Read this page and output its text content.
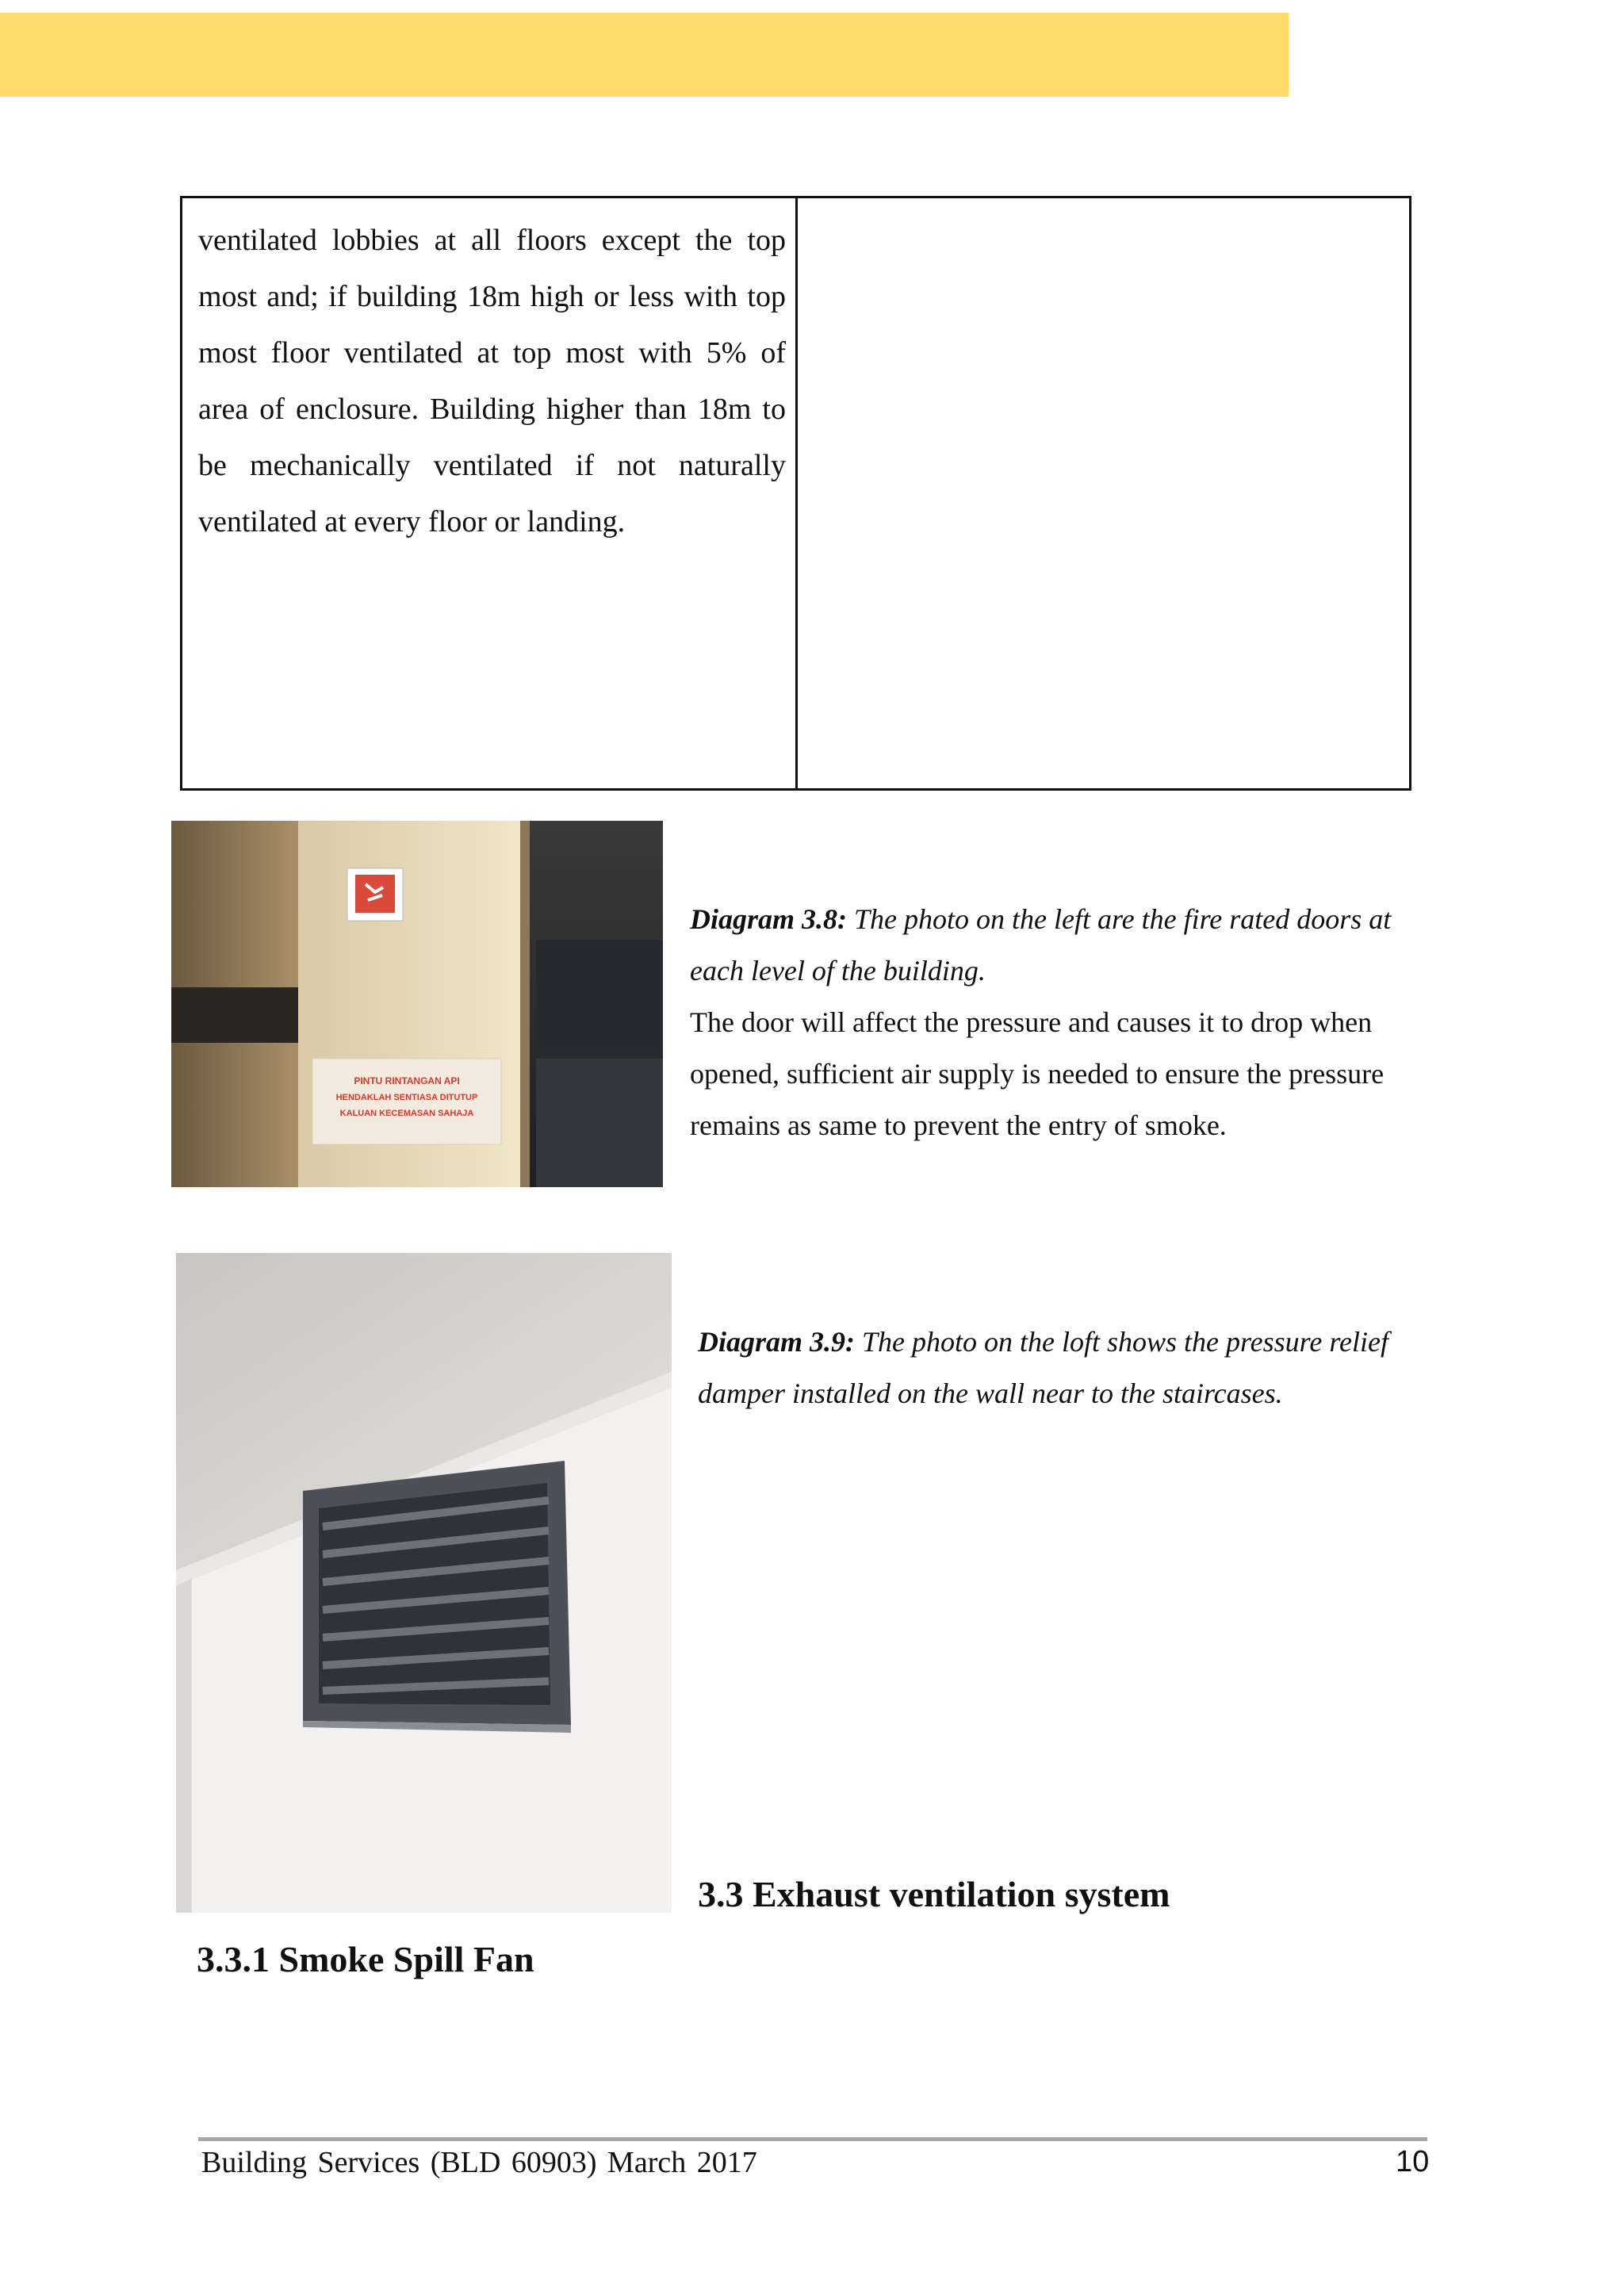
ventilated lobbies at all floors except the top most and; if building 18m high or less with top most floor ventilated at top most with 5% of area of enclosure. Building higher than 18m to be mechanically ventilated if not naturally ventilated at every floor or landing.

PINTU RINTANGAN API
HENDAKLAH SENTIASA DITUTUP
KALUAN KECEMASAN SAHAJA

Diagram 3.8: The photo on the left are the fire rated doors at each level of the building.

The door will affect the pressure and causes it to drop when opened, sufficient air supply is needed to ensure the pressure remains as same to prevent the entry of smoke.

Diagram 3.9: The photo on the loft shows the pressure relief damper installed on the wall near to the staircases.

3.3 Exhaust ventilation system
3.3.1 Smoke Spill Fan
Building Services (BLD 60903) March 2017	10
